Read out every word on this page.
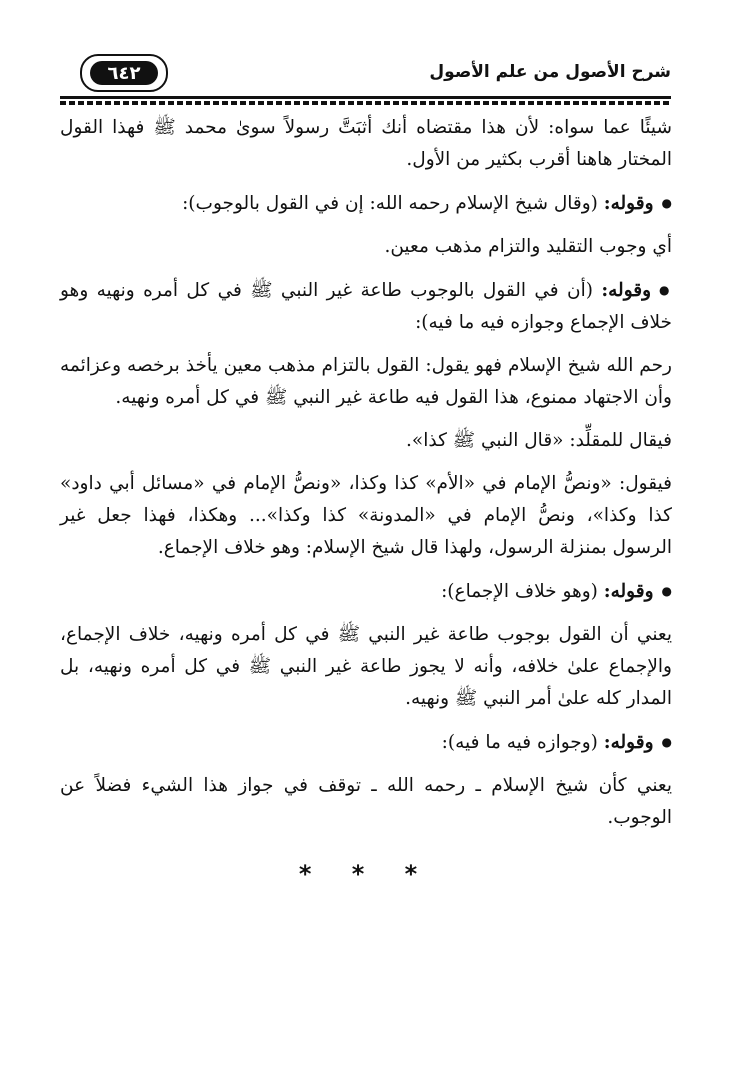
شرح الأصول من علم الأصول
٦٤٢

شيئًا عما سواه: لأن هذا مقتضاه أنك أثبَتَّ رسولاً سوىٰ محمد ﷺ فهذا القول المختار هاهنا أقرب بكثير من الأول.

● وقوله: (وقال شيخ الإسلام رحمه الله: إن في القول بالوجوب):

أي وجوب التقليد والتزام مذهب معين.

● وقوله: (أن في القول بالوجوب طاعة غير النبي ﷺ في كل أمره ونهيه وهو خلاف الإجماع وجوازه فيه ما فيه):

رحم الله شيخ الإسلام فهو يقول: القول بالتزام مذهب معين يأخذ برخصه وعزائمه وأن الاجتهاد ممنوع، هذا القول فيه طاعة غير النبي ﷺ في كل أمره ونهيه.

فيقال للمقلِّد: «قال النبي ﷺ كذا».

فيقول: «ونصُّ الإمام في «الأم» كذا وكذا، «ونصُّ الإمام في «مسائل أبي داود» كذا وكذا»، ونصُّ الإمام في «المدونة» كذا وكذا»... وهكذا، فهذا جعل غير الرسول بمنزلة الرسول، ولهذا قال شيخ الإسلام: وهو خلاف الإجماع.

● وقوله: (وهو خلاف الإجماع):

يعني أن القول بوجوب طاعة غير النبي ﷺ في كل أمره ونهيه، خلاف الإجماع، والإجماع علىٰ خلافه، وأنه لا يجوز طاعة غير النبي ﷺ في كل أمره ونهيه، بل المدار كله علىٰ أمر النبي ﷺ ونهيه.

● وقوله: (وجوازه فيه ما فيه):

يعني كأن شيخ الإسلام ـ رحمه الله ـ توقف في جواز هذا الشيء فضلاً عن الوجوب.

* * *
